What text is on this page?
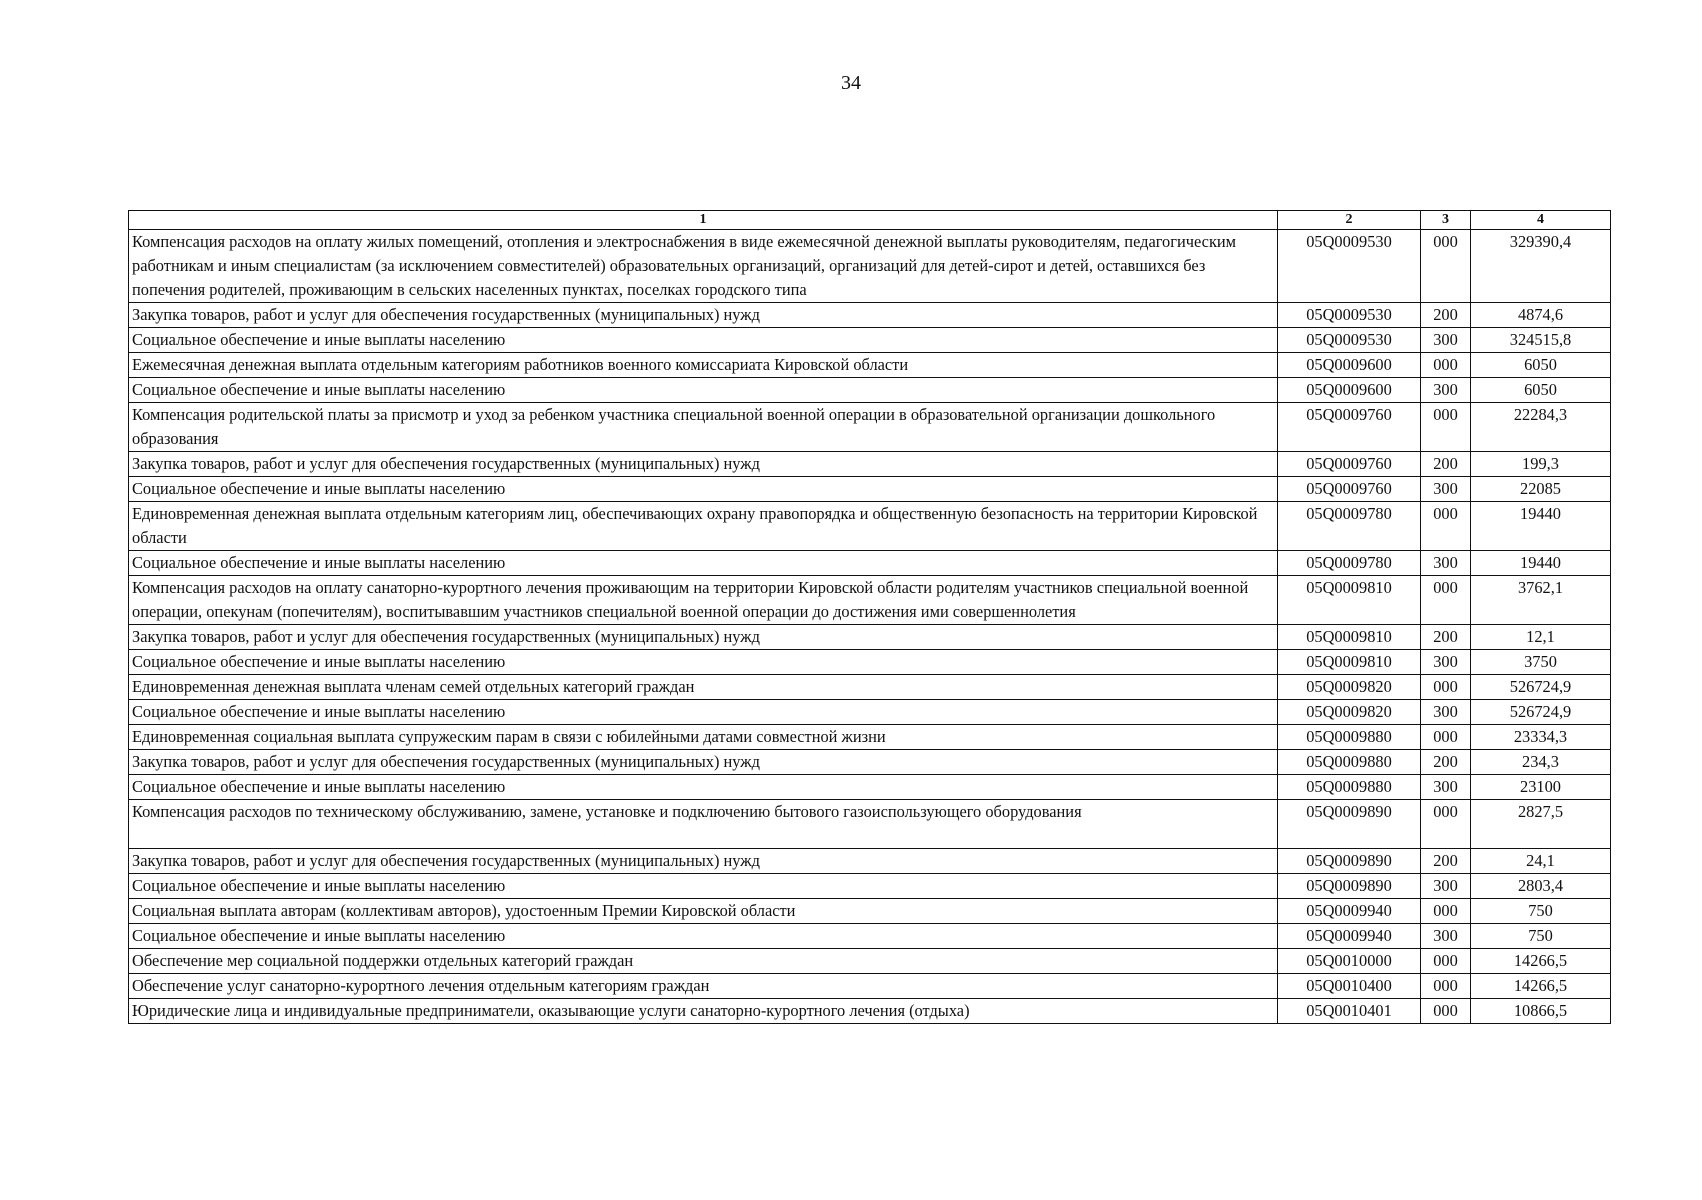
34
1	2	3	4
Компенсация расходов на оплату жилых помещений, отопления и электроснабжения в виде ежемесячной денежной выплаты руководителям, педагогическим работникам и иным специалистам (за исключением совместителей) образовательных организаций, организаций для детей-сирот и детей, оставшихся без попечения родителей, проживающим в сельских населенных пунктах, поселках городского типа	05Q0009530	000	329390,4
Закупка товаров, работ и услуг для обеспечения государственных (муниципальных) нужд	05Q0009530	200	4874,6
Социальное обеспечение и иные выплаты населению	05Q0009530	300	324515,8
Ежемесячная денежная выплата отдельным категориям работников военного комиссариата Кировской области	05Q0009600	000	6050
Социальное обеспечение и иные выплаты населению	05Q0009600	300	6050
Компенсация родительской платы за присмотр и уход за ребенком участника специальной военной операции в образовательной организации дошкольного образования	05Q0009760	000	22284,3
Закупка товаров, работ и услуг для обеспечения государственных (муниципальных) нужд	05Q0009760	200	199,3
Социальное обеспечение и иные выплаты населению	05Q0009760	300	22085
Единовременная денежная выплата отдельным категориям лиц, обеспечивающих охрану правопорядка и общественную безопасность на территории Кировской области	05Q0009780	000	19440
Социальное обеспечение и иные выплаты населению	05Q0009780	300	19440
Компенсация расходов на оплату санаторно-курортного лечения проживающим на территории Кировской области родителям участников специальной военной операции, опекунам (попечителям), воспитывавшим участников специальной военной операции до достижения ими совершеннолетия	05Q0009810	000	3762,1
Закупка товаров, работ и услуг для обеспечения государственных (муниципальных) нужд	05Q0009810	200	12,1
Социальное обеспечение и иные выплаты населению	05Q0009810	300	3750
Единовременная денежная выплата членам семей отдельных категорий граждан	05Q0009820	000	526724,9
Социальное обеспечение и иные выплаты населению	05Q0009820	300	526724,9
Единовременная социальная выплата супружеским парам в связи с юбилейными датами совместной жизни	05Q0009880	000	23334,3
Закупка товаров, работ и услуг для обеспечения государственных (муниципальных) нужд	05Q0009880	200	234,3
Социальное обеспечение и иные выплаты населению	05Q0009880	300	23100
Компенсация расходов по техническому обслуживанию, замене, установке и подключению бытового газоиспользующего оборудования	05Q0009890	000	2827,5
Закупка товаров, работ и услуг для обеспечения государственных (муниципальных) нужд	05Q0009890	200	24,1
Социальное обеспечение и иные выплаты населению	05Q0009890	300	2803,4
Социальная выплата авторам (коллективам авторов), удостоенным Премии Кировской области	05Q0009940	000	750
Социальное обеспечение и иные выплаты населению	05Q0009940	300	750
Обеспечение мер социальной поддержки отдельных категорий граждан	05Q0010000	000	14266,5
Обеспечение услуг санаторно-курортного лечения отдельным категориям граждан	05Q0010400	000	14266,5
Юридические лица и индивидуальные предприниматели, оказывающие услуги санаторно-курортного лечения (отдыха)	05Q0010401	000	10866,5
